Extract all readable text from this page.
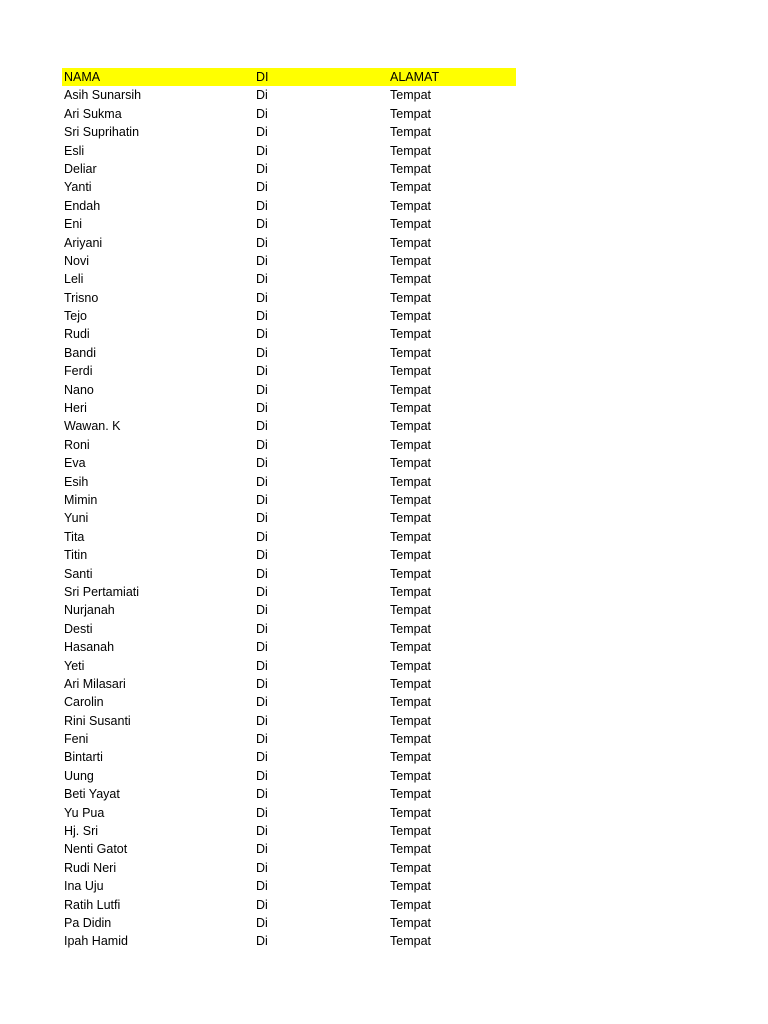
NAMA	DI	ALAMAT
Asih Sunarsih	Di	Tempat
Ari Sukma	Di	Tempat
Sri Suprihatin	Di	Tempat
Esli	Di	Tempat
Deliar	Di	Tempat
Yanti	Di	Tempat
Endah	Di	Tempat
Eni	Di	Tempat
Ariyani	Di	Tempat
Novi	Di	Tempat
Leli	Di	Tempat
Trisno	Di	Tempat
Tejo	Di	Tempat
Rudi	Di	Tempat
Bandi	Di	Tempat
Ferdi	Di	Tempat
Nano	Di	Tempat
Heri	Di	Tempat
Wawan. K	Di	Tempat
Roni	Di	Tempat
Eva	Di	Tempat
Esih	Di	Tempat
Mimin	Di	Tempat
Yuni	Di	Tempat
Tita	Di	Tempat
Titin	Di	Tempat
Santi	Di	Tempat
Sri Pertamiati	Di	Tempat
Nurjanah	Di	Tempat
Desti	Di	Tempat
Hasanah	Di	Tempat
Yeti	Di	Tempat
Ari Milasari	Di	Tempat
Carolin	Di	Tempat
Rini Susanti	Di	Tempat
Feni	Di	Tempat
Bintarti	Di	Tempat
Uung	Di	Tempat
Beti Yayat	Di	Tempat
Yu Pua	Di	Tempat
Hj. Sri	Di	Tempat
Nenti Gatot	Di	Tempat
Rudi Neri	Di	Tempat
Ina Uju	Di	Tempat
Ratih Lutfi	Di	Tempat
Pa Didin	Di	Tempat
Ipah Hamid	Di	Tempat
